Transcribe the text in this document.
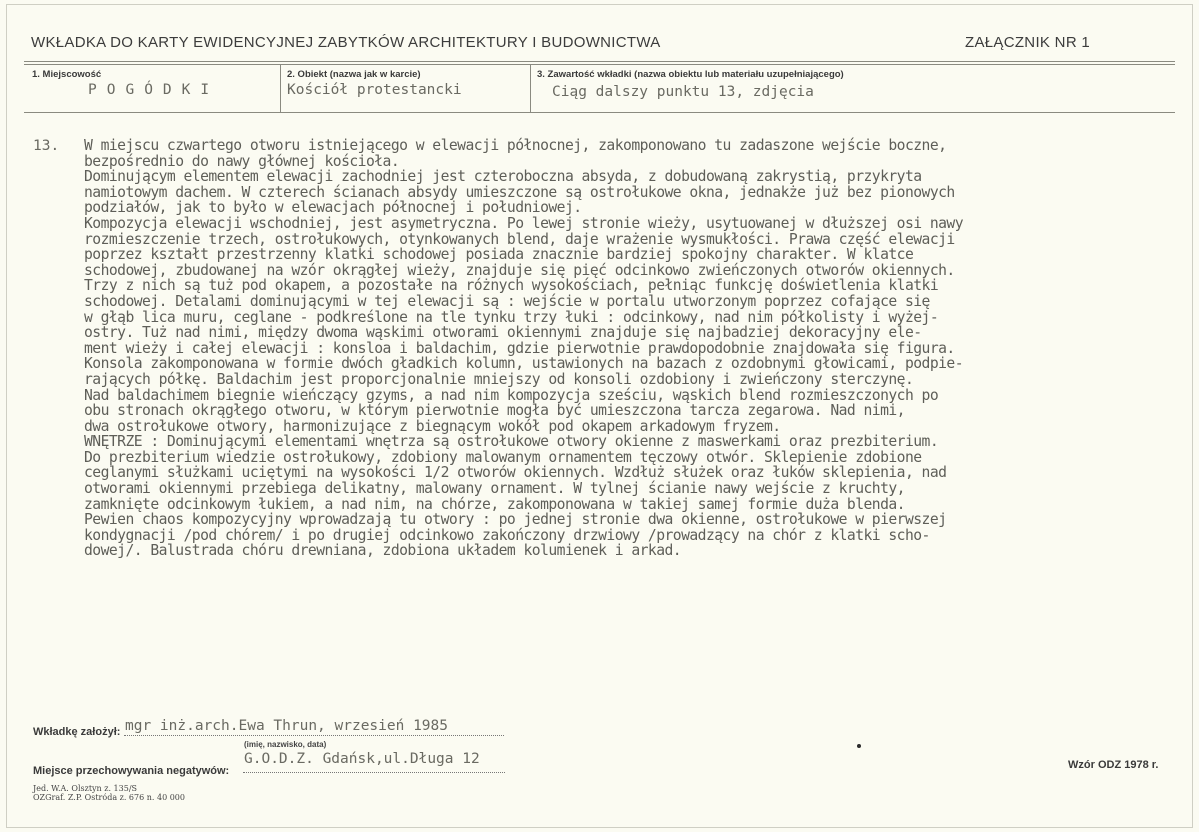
WKŁADKA DO KARTY EWIDENCYJNEJ ZABYTKÓW ARCHITEKTURY I BUDOWNICTWA	ZAŁĄCZNIK NR 1
1. Miejscowość
POGÓDKI
2. Obiekt (nazwa jak w karcie)
Kościół protestancki
3. Zawartość wkładki (nazwa obiektu lub materiału uzupełniającego)
Ciąg dalszy punktu 13, zdjęcia
13. W miejscu czwartego otworu istniejącego w elewacji północnej, zakomponowano tu zadaszone wejście boczne,
bezpośrednio do nawy głównej kościoła.
Dominującym elementem elewacji zachodniej jest czteroboczna absyda, z dobudowaną zakrystią, przykryta
namiotowym dachem. W czterech ścianach absydy umieszczone są ostrołukowe okna, jednakże już bez pionowych
podziałów, jak to było w elewacjach północnej i południowej.
Kompozycja elewacji wschodniej, jest asymetryczna. Po lewej stronie wieży, usytuowanej w dłuższej osi nawy
rozmieszczenie trzech, ostrołukowych, otynkowanych blend, daje wrażenie wysmukłości. Prawa część elewacji
poprzez kształt przestrzenny klatki schodowej posiada znacznie bardziej spokojny charakter. W klatce
schodowej, zbudowanej na wzór okrągłej wieży, znajduje się pięć odcinkowo zwieńczonych otworów okiennych.
Trzy z nich są tuż pod okapem, a pozostałe na różnych wysokościach, pełniąc funkcję doświetlenia klatki
schodowej. Detalami dominującymi w tej elewacji są : wejście w portalu utworzonym poprzez cofające się
w głąb lica muru, ceglane - podkreślone na tle tynku trzy łuki : odcinkowy, nad nim półkolisty i wyżej-
ostry. Tuż nad nimi, między dwoma wąskimi otworami okiennymi znajduje się najbadziej dekoracyjny ele-
ment wieży i całej elewacji : konsloa i baldachim, gdzie pierwotnie prawdopodobnie znajdowała się figura.
Konsola zakomponowana w formie dwóch gładkich kolumn, ustawionych na bazach z ozdobnymi głowicami, podpie-
rających półkę. Baldachim jest proporcjonalnie mniejszy od konsoli ozdobiony i zwieńczony sterczynę.
Nad baldachimem biegnie wieńczący gzyms, a nad nim kompozycja sześciu, wąskich blend rozmieszczonych po
obu stronach okrągłego otworu, w którym pierwotnie mogła być umieszczona tarcza zegarowa. Nad nimi,
dwa ostrołukowe otwory, harmonizujące z biegnącym wokół pod okapem arkadowym fryzem.
WNĘTRZE : Dominującymi elementami wnętrza są ostrołukowe otwory okienne z maswerkami oraz prezbiterium.
Do prezbiterium wiedzie ostrołukowy, zdobiony malowanym ornamentem tęczowy otwór. Sklepienie zdobione
ceglanymi służkami uciętymi na wysokości 1/2 otworów okiennych. Wzdłuż służek oraz łuków sklepienia, nad
otworami okiennymi przebiega delikatny, malowany ornament. W tylnej ścianie nawy wejście z kruchty,
zamknięte odcinkowym łukiem, a nad nim, na chórze, zakomponowana w takiej samej formie duża blenda.
Pewien chaos kompozycyjny wprowadzają tu otwory : po jednej stronie dwa okienne, ostrołukowe w pierwszej
kondygnacji /pod chórem/ i po drugiej odcinkowo zakończony drzwiowy /prowadzący na chór z klatki scho-
dowej/. Balustrada chóru drewniana, zdobiona układem kolumienek i arkad.
Wkładkę założył: mgr inż.arch.Ewa Thrun, wrzesień 1985
(imię, nazwisko, data)
Miejsce przechowywania negatywów:
G.O.D.Z. Gdańsk,ul.Długa 12	Wzór ODZ 1978 r.
Jed. W.A. Olsztyn z. 135/S
OZGraf. Z.P. Ostróda z. 676 n. 40 000
